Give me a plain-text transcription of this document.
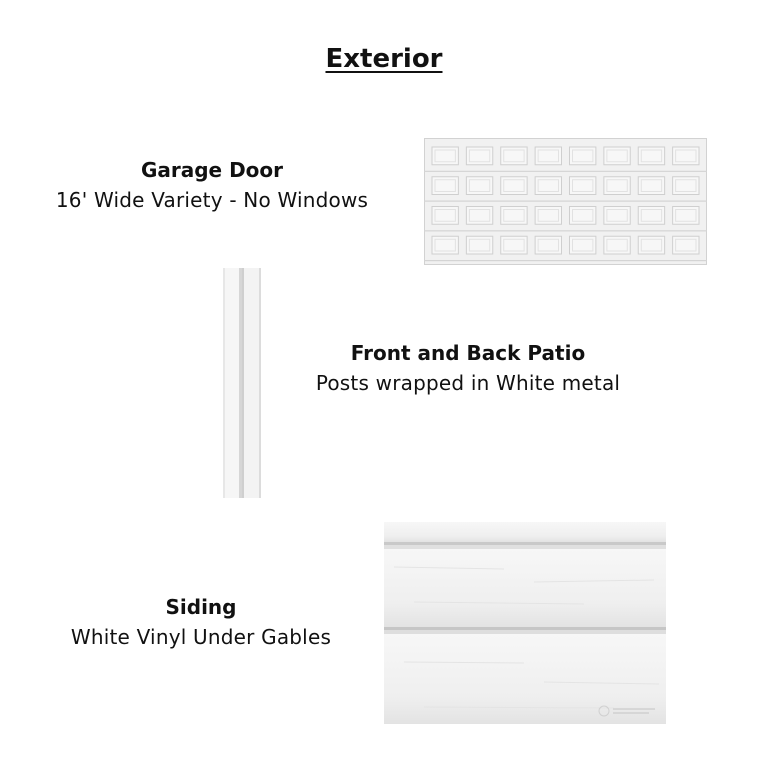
Exterior
Garage Door
16' Wide Variety - No Windows
Front and Back Patio
Posts wrapped in White metal
Siding
White Vinyl Under Gables
